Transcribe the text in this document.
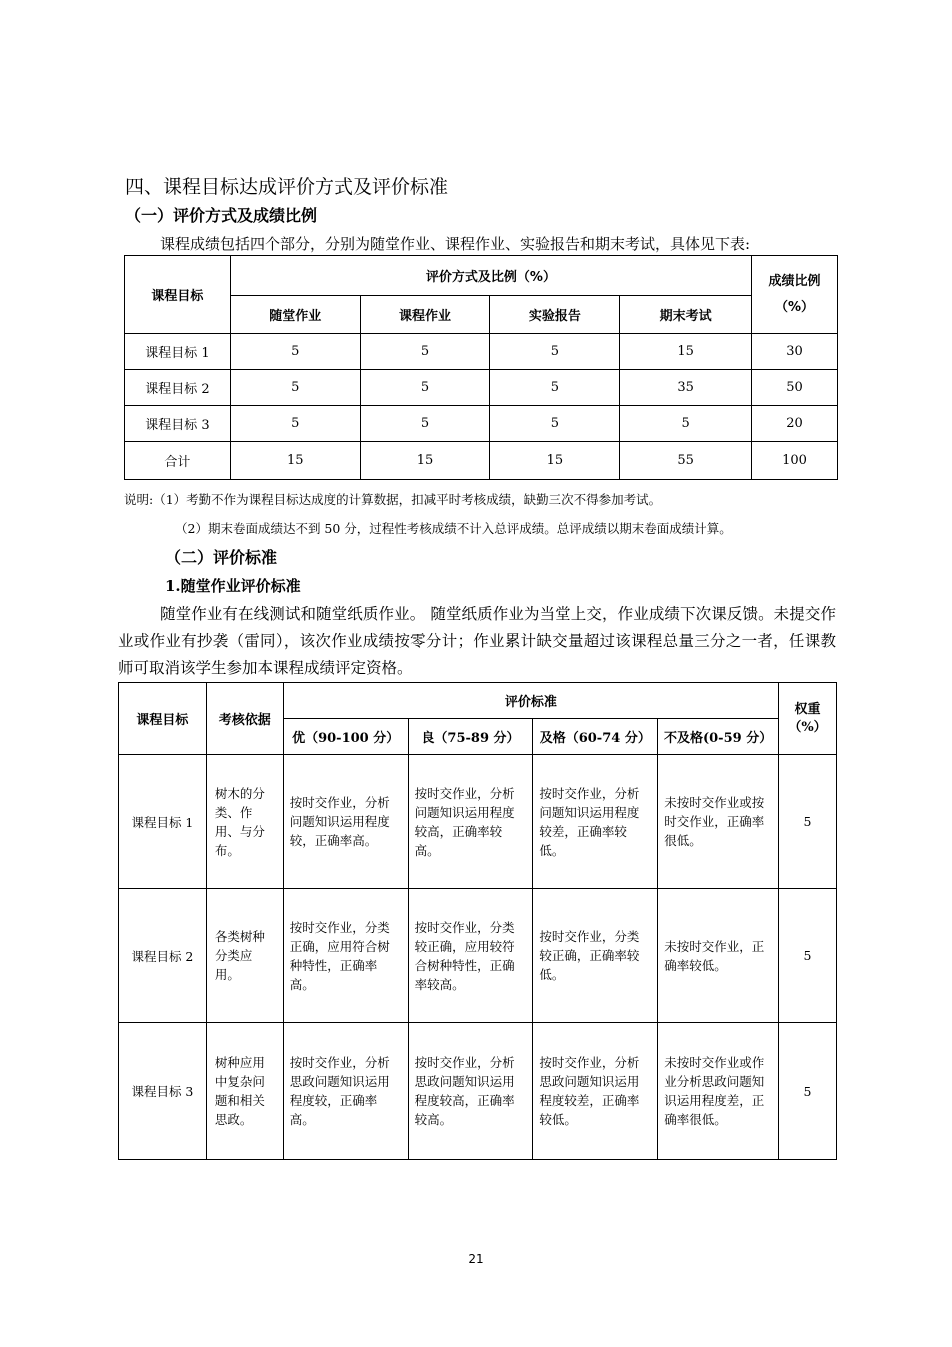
四、课程目标达成评价方式及评价标准
（一）评价方式及成绩比例
课程成绩包括四个部分，分别为随堂作业、课程作业、实验报告和期末考试，具体见下表:
课程目标	评价方式及比例（%）				成绩比例
（%）

	随堂作业	课程作业	实验报告	期末考试	
课程目标 1	5	5	5	15	30
课程目标 2	5	5	5	35	50
课程目标 3	5	5	5	5	20
合计	15	15	15	55	100
说明:（1）考勤不作为课程目标达成度的计算数据，扣减平时考核成绩，缺勤三次不得参加考试。
（2）期末卷面成绩达不到 50 分，过程性考核成绩不计入总评成绩。总评成绩以期末卷面成绩计算。
（二）评价标准
1.随堂作业评价标准
随堂作业有在线测试和随堂纸质作业。 随堂纸质作业为当堂上交，作业成绩下次课反馈。未提交作业或作业有抄袭（雷同），该次作业成绩按零分计；作业累计缺交量超过该课程总量三分之一者，任课教师可取消该学生参加本课程成绩评定资格。
课程目标	考核依据	评价标准				权重
（%）

		优（90-100 分）	良（75-89 分）	及格（60-74 分）	不及格(0-59 分）	
课程目标 1	树木的分类、作用、与分布。	按时交作业，分析问题知识运用程度较，正确率高。	按时交作业，分析问题知识运用程度较高，正确率较高。	按时交作业，分析问题知识运用程度较差，正确率较低。	未按时交作业或按时交作业，正确率很低。	5
课程目标 2	各类树种分类应用。	按时交作业，分类正确，应用符合树种特性，正确率高。	按时交作业，分类较正确，应用较符合树种特性，正确率较高。	按时交作业，分类较正确，正确率较低。	未按时交作业，正确率较低。	5
课程目标 3	树种应用中复杂问题和相关思政。	按时交作业，分析思政问题知识运用程度较，正确率高。	按时交作业，分析思政问题知识运用程度较高，正确率较高。	按时交作业，分析思政问题知识运用程度较差，正确率较低。	未按时交作业或作业分析思政问题知识运用程度差，正确率很低。	5
21
